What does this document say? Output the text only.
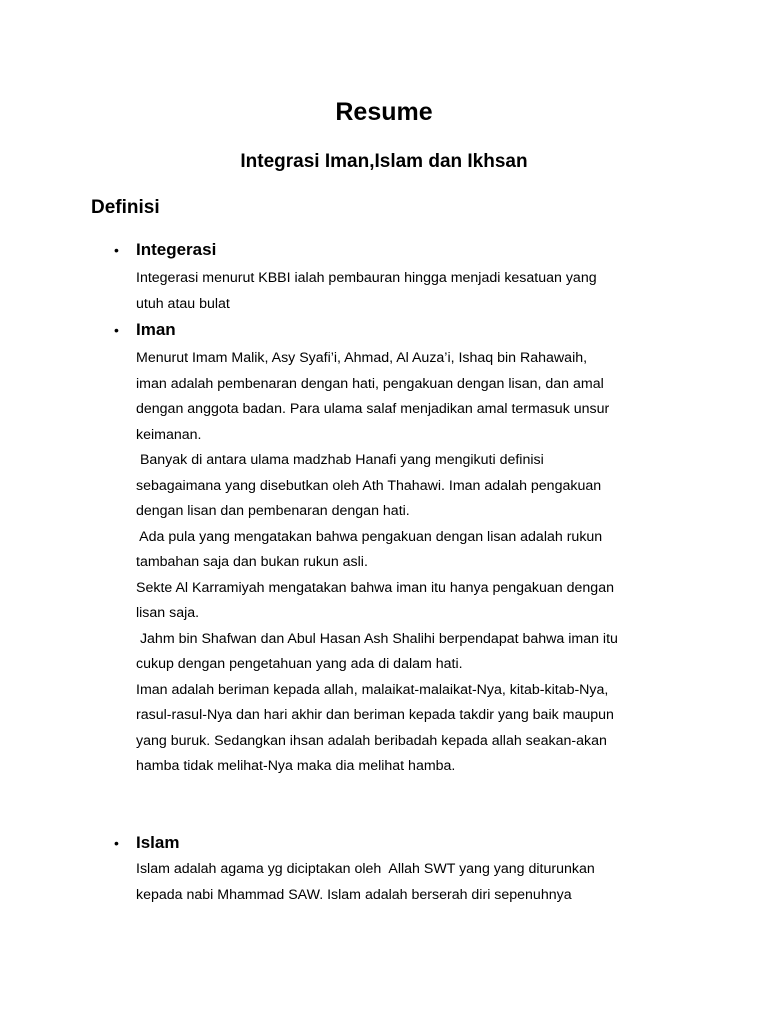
Resume
Integrasi Iman,Islam dan Ikhsan
Definisi
• Integerasi
Integerasi menurut KBBI ialah pembauran hingga menjadi kesatuan yang
utuh atau bulat
• Iman
Menurut Imam Malik, Asy Syafi’i, Ahmad, Al Auza’i, Ishaq bin Rahawaih,
iman adalah pembenaran dengan hati, pengakuan dengan lisan, dan amal
dengan anggota badan. Para ulama salaf menjadikan amal termasuk unsur
keimanan.
Banyak di antara ulama madzhab Hanafi yang mengikuti definisi
sebagaimana yang disebutkan oleh Ath Thahawi. Iman adalah pengakuan
dengan lisan dan pembenaran dengan hati.
Ada pula yang mengatakan bahwa pengakuan dengan lisan adalah rukun
tambahan saja dan bukan rukun asli.
Sekte Al Karramiyah mengatakan bahwa iman itu hanya pengakuan dengan
lisan saja.
Jahm bin Shafwan dan Abul Hasan Ash Shalihi berpendapat bahwa iman itu
cukup dengan pengetahuan yang ada di dalam hati.
Iman adalah beriman kepada allah, malaikat-malaikat-Nya, kitab-kitab-Nya,
rasul-rasul-Nya dan hari akhir dan beriman kepada takdir yang baik maupun
yang buruk. Sedangkan ihsan adalah beribadah kepada allah seakan-akan
hamba tidak melihat-Nya maka dia melihat hamba.
• Islam
Islam adalah agama yg diciptakan oleh  Allah SWT yang yang diturunkan
kepada nabi Mhammad SAW. Islam adalah berserah diri sepenuhnya
